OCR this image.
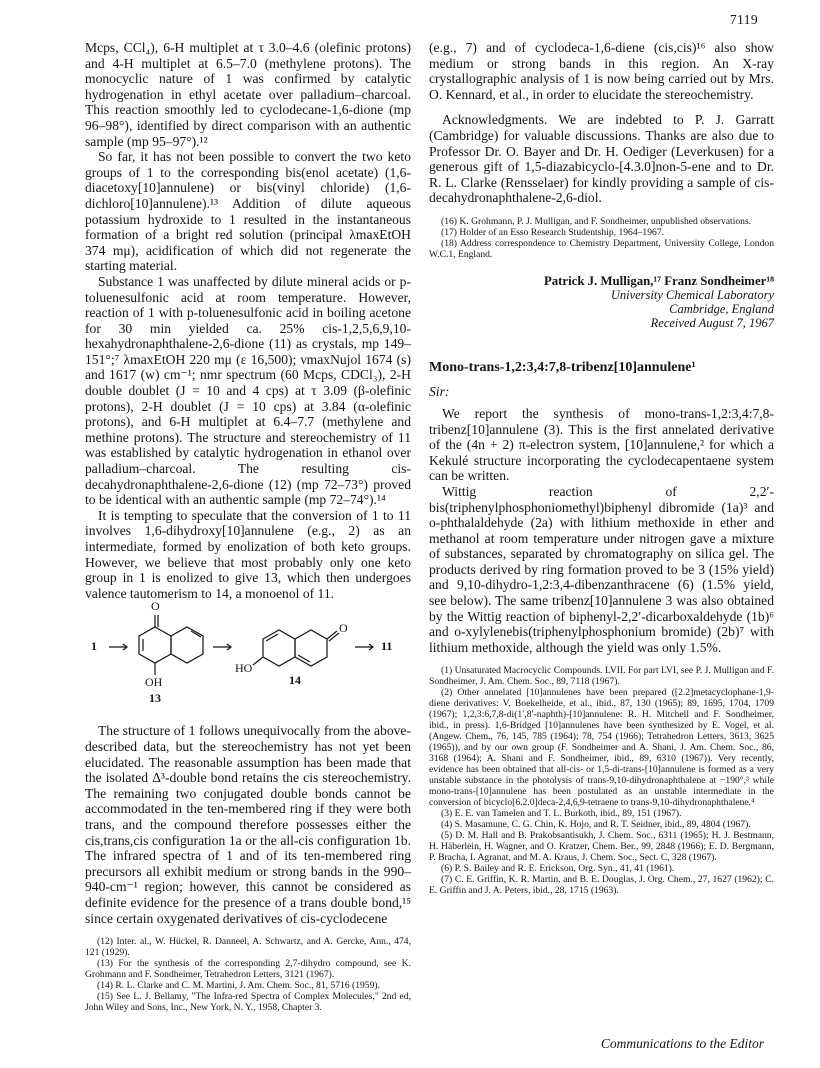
7119

Mcps, CCl₄), 6-H multiplet at τ 3.0–4.6 (olefinic protons) and 4-H multiplet at 6.5–7.0 (methylene protons). The monocyclic nature of 1 was confirmed by catalytic hydrogenation in ethyl acetate over palladium–charcoal. This reaction smoothly led to cyclodecane-1,6-dione (mp 96–98°), identified by direct comparison with an authentic sample (mp 95–97°).¹²

So far, it has not been possible to convert the two keto groups of 1 to the corresponding bis(enol acetate) (1,6-diacetoxy[10]annulene) or bis(vinyl chloride) (1,6-dichloro[10]annulene).¹³ Addition of dilute aqueous potassium hydroxide to 1 resulted in the instantaneous formation of a bright red solution (principal λmaxEtOH 374 mμ), acidification of which did not regenerate the starting material.

Substance 1 was unaffected by dilute mineral acids or p-toluenesulfonic acid at room temperature. However, reaction of 1 with p-toluenesulfonic acid in boiling acetone for 30 min yielded ca. 25% cis-1,2,5,6,9,10-hexahydronaphthalene-2,6-dione (11) as crystals, mp 149–151°;⁷ λmaxEtOH 220 mμ (ε 16,500); νmaxNujol 1674 (s) and 1617 (w) cm⁻¹; nmr spectrum (60 Mcps, CDCl₃), 2-H double doublet (J = 10 and 4 cps) at τ 3.09 (β-olefinic protons), 2-H doublet (J = 10 cps) at 3.84 (α-olefinic protons), and 6-H multiplet at 6.4–7.7 (methylene and methine protons). The structure and stereochemistry of 11 was established by catalytic hydrogenation in ethanol over palladium–charcoal. The resulting cis-decahydronaphthalene-2,6-dione (12) (mp 72–73°) proved to be identical with an authentic sample (mp 72–74°).¹⁴

It is tempting to speculate that the conversion of 1 to 11 involves 1,6-dihydroxy[10]annulene (e.g., 2) as an intermediate, formed by enolization of both keto groups. However, we believe that most probably only one keto group in 1 is enolized to give 13, which then undergoes valence tautomerism to 14, a monoenol of 11.

1
O
OH
13
HO
O
14
11

The structure of 1 follows unequivocally from the above-described data, but the stereochemistry has not yet been elucidated. The reasonable assumption has been made that the isolated Δ³-double bond retains the cis stereochemistry. The remaining two conjugated double bonds cannot be accommodated in the ten-membered ring if they were both trans, and the compound therefore possesses either the cis,trans,cis configuration 1a or the all-cis configuration 1b. The infrared spectra of 1 and of its ten-membered ring precursors all exhibit medium or strong bands in the 990–940-cm⁻¹ region; however, this cannot be considered as definite evidence for the presence of a trans double bond,¹⁵ since certain oxygenated derivatives of cis-cyclodecene

(12) Inter. al., W. Hückel, R. Danneel, A. Schwartz, and A. Gercke, Ann., 474, 121 (1929).

(13) For the synthesis of the corresponding 2,7-dihydro compound, see K. Grohmann and F. Sondheimer, Tetrahedron Letters, 3121 (1967).

(14) R. L. Clarke and C. M. Martini, J. Am. Chem. Soc., 81, 5716 (1959).

(15) See L. J. Bellamy, "The Infra-red Spectra of Complex Molecules," 2nd ed, John Wiley and Sons, Inc., New York, N. Y., 1958, Chapter 3.

(e.g., 7) and of cyclodeca-1,6-diene (cis,cis)¹⁶ also show medium or strong bands in this region. An X-ray crystallographic analysis of 1 is now being carried out by Mrs. O. Kennard, et al., in order to elucidate the stereochemistry.

Acknowledgments. We are indebted to P. J. Garratt (Cambridge) for valuable discussions. Thanks are also due to Professor Dr. O. Bayer and Dr. H. Oediger (Leverkusen) for a generous gift of 1,5-diazabicyclo-[4.3.0]non-5-ene and to Dr. R. L. Clarke (Rensselaer) for kindly providing a sample of cis-decahydronaphthalene-2,6-diol.

(16) K. Grohmann, P. J. Mulligan, and F. Sondheimer, unpublished observations.

(17) Holder of an Esso Research Studentship, 1964–1967.

(18) Address correspondence to Chemistry Department, University College, London W.C.1, England.

Patrick J. Mulligan,¹⁷ Franz Sondheimer¹⁸
University Chemical Laboratory
Cambridge, England
Received August 7, 1967
Mono-trans-1,2:3,4:7,8-tribenz[10]annulene¹
Sir:

We report the synthesis of mono-trans-1,2:3,4:7,8-tribenz[10]annulene (3). This is the first annelated derivative of the (4n + 2) π-electron system, [10]annulene,² for which a Kekulé structure incorporating the cyclodecapentaene system can be written.

Wittig reaction of 2,2′-bis(triphenylphosphoniomethyl)biphenyl dibromide (1a)³ and o-phthalaldehyde (2a) with lithium methoxide in ether and methanol at room temperature under nitrogen gave a mixture of substances, separated by chromatography on silica gel. The products derived by ring formation proved to be 3 (15% yield) and 9,10-dihydro-1,2:3,4-dibenzanthracene (6) (1.5% yield, see below). The same tribenz[10]annulene 3 was also obtained by the Wittig reaction of biphenyl-2,2′-dicarboxaldehyde (1b)⁶ and o-xylylenebis(triphenylphosphonium bromide) (2b)⁷ with lithium methoxide, although the yield was only 1.5%.

(1) Unsaturated Macrocyclic Compounds. LVII. For part LVI, see P. J. Mulligan and F. Sondheimer, J. Am. Chem. Soc., 89, 7118 (1967).

(2) Other annelated [10]annulenes have been prepared ([2.2]metacyclophane-1,9-diene derivatives: V. Boekelheide, et al., ibid., 87, 130 (1965); 89, 1695, 1704, 1709 (1967); 1,2,3:6,7,8-di(1′,8′-naphth)-[10]annulene: R. H. Mitchell and F. Sondheimer, ibid., in press). 1,6-Bridged [10]annulenes have been synthesized by E. Vogel, et al. (Angew. Chem., 76, 145, 785 (1964); 78, 754 (1966); Tetrahedron Letters, 3613, 3625 (1965)), and by our own group (F. Sondheimer and A. Shani, J. Am. Chem. Soc., 86, 3168 (1964); A. Shani and F. Sondheimer, ibid., 89, 6310 (1967)). Very recently, evidence has been obtained that all-cis- or 1,5-di-trans-[10]annulene is formed as a very unstable substance in the photolysis of trans-9,10-dihydronaphthalene at −190°,³ while mono-trans-[10]annulene has been postulated as an unstable intermediate in the conversion of bicyclo[6.2.0]deca-2,4,6,9-tetraene to trans-9,10-dihydronaphthalene.⁴

(3) E. E. van Tamelen and T. L. Burkoth, ibid., 89, 151 (1967).

(4) S. Masamune, C. G. Chin, K. Hojo, and R. T. Seidner, ibid., 89, 4804 (1967).

(5) D. M. Hall and B. Prakobsantisukh, J. Chem. Soc., 6311 (1965); H. J. Bestmann, H. Häberlein, H. Wagner, and O. Kratzer, Chem. Ber., 99, 2848 (1966); E. D. Bergmann, P. Bracha, I. Agranat, and M. A. Kraus, J. Chem. Soc., Sect. C, 328 (1967).

(6) P. S. Bailey and R. E. Erickson, Org. Syn., 41, 41 (1961).

(7) C. E. Griffin, K. R. Martin, and B. E. Douglas, J. Org. Chem., 27, 1627 (1962); C. E. Griffin and J. A. Peters, ibid., 28, 1715 (1963).

Communications to the Editor
